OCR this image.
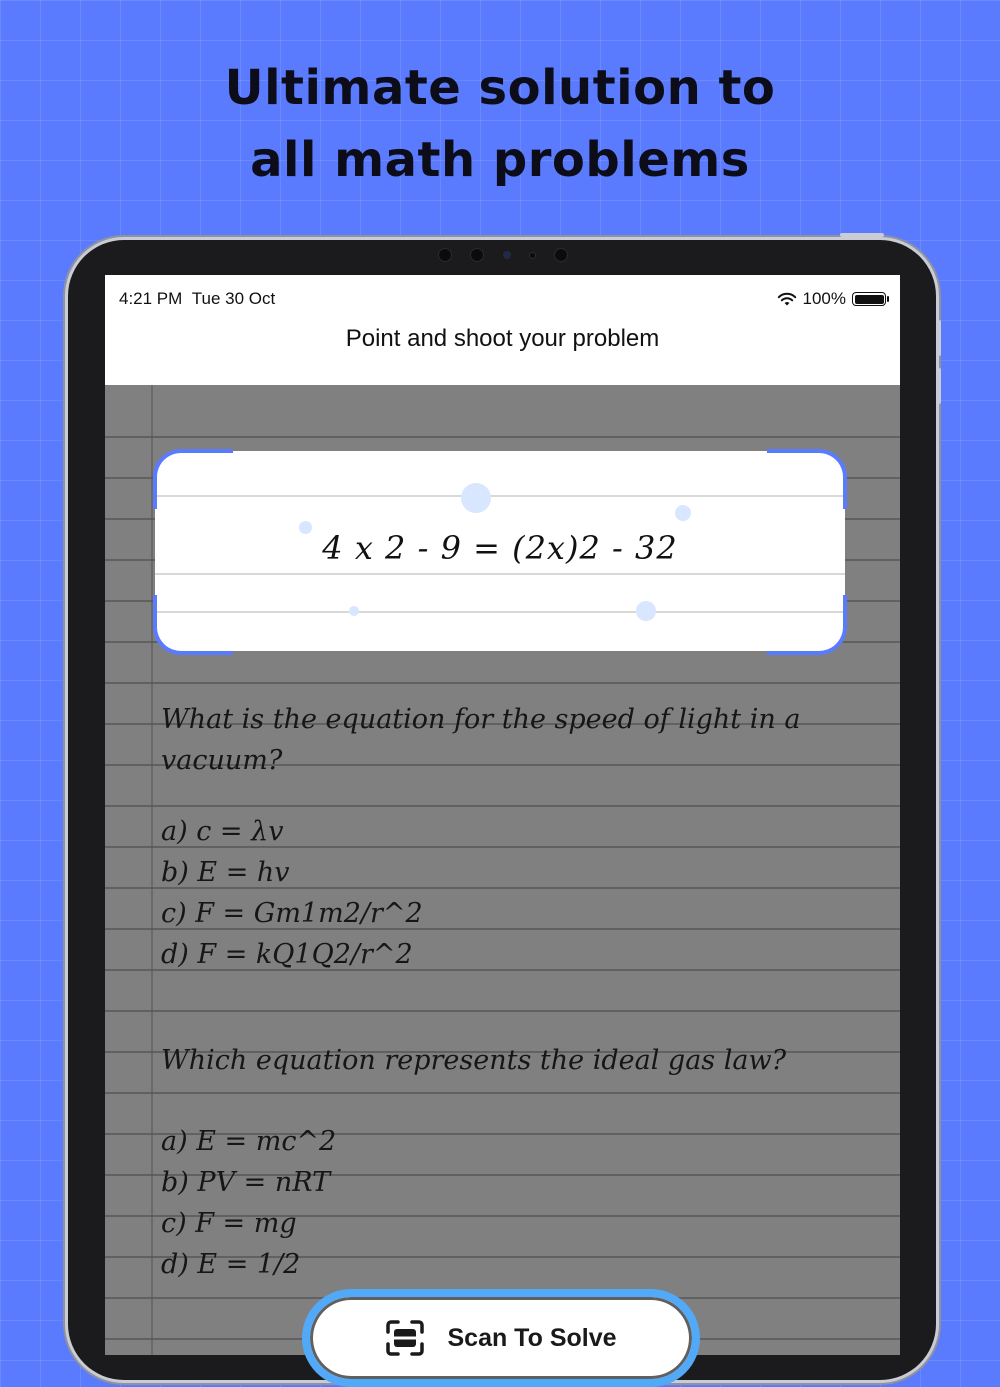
Ultimate solution to
all math problems
4:21 PM Tue 30 Oct	100%
Point and shoot your problem
4 x 2 - 9 = (2x)2 - 32
What is the equation for the speed of light in a
vacuum?
a) c = λv
b) E = hv
c) F = Gm1m2/r^2
d) F = kQ1Q2/r^2
Which equation represents the ideal gas law?
a) E = mc^2
b) PV = nRT
c) F = mg
d) E = 1/2
Scan To Solve
